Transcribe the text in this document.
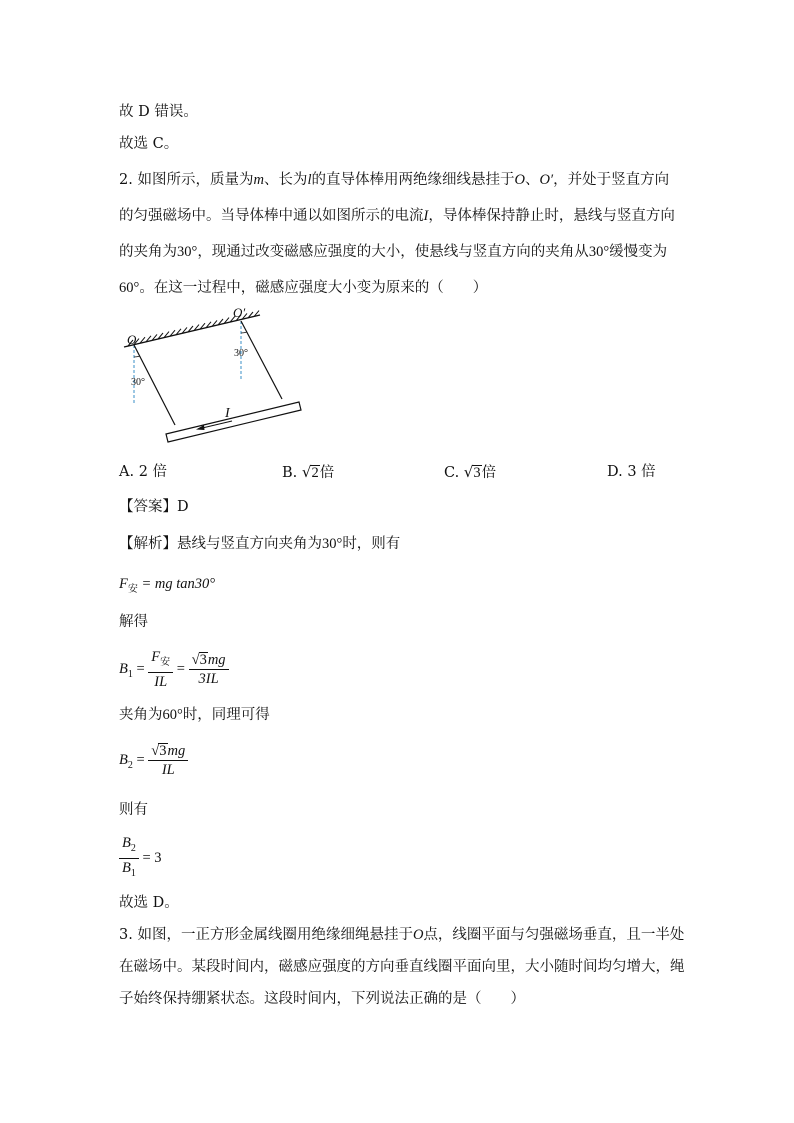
故 D 错误。
故选 C。
2. 如图所示，质量为m、长为l的直导体棒用两绝缘细线悬挂于O、O′，并处于竖直方向
的匀强磁场中。当导体棒中通以如图所示的电流I，导体棒保持静止时，悬线与竖直方向
的夹角为30°，现通过改变磁感应强度的大小，使悬线与竖直方向的夹角从30°缓慢变为
60°。在这一过程中，磁感应强度大小变为原来的（　　）
O
O′
30°
30°
I
A. 2 倍	B. √2倍	C. √3倍	D. 3 倍
【答案】D
【解析】悬线与竖直方向夹角为30°时，则有
$F_安$ = mg tan30°
解得
$B_1 = \frac{F_安}{IL} = \frac{√3mg}{3IL}$
夹角为60°时，同理可得
$B_2 = \frac{√3mg}{IL}$
则有
$\frac{B_2}{B_1} = 3$
故选 D。
3. 如图，一正方形金属线圈用绝缘细绳悬挂于O点，线圈平面与匀强磁场垂直，且一半处
在磁场中。某段时间内，磁感应强度的方向垂直线圈平面向里，大小随时间均匀增大，绳
子始终保持绷紧状态。这段时间内，下列说法正确的是（　　）
